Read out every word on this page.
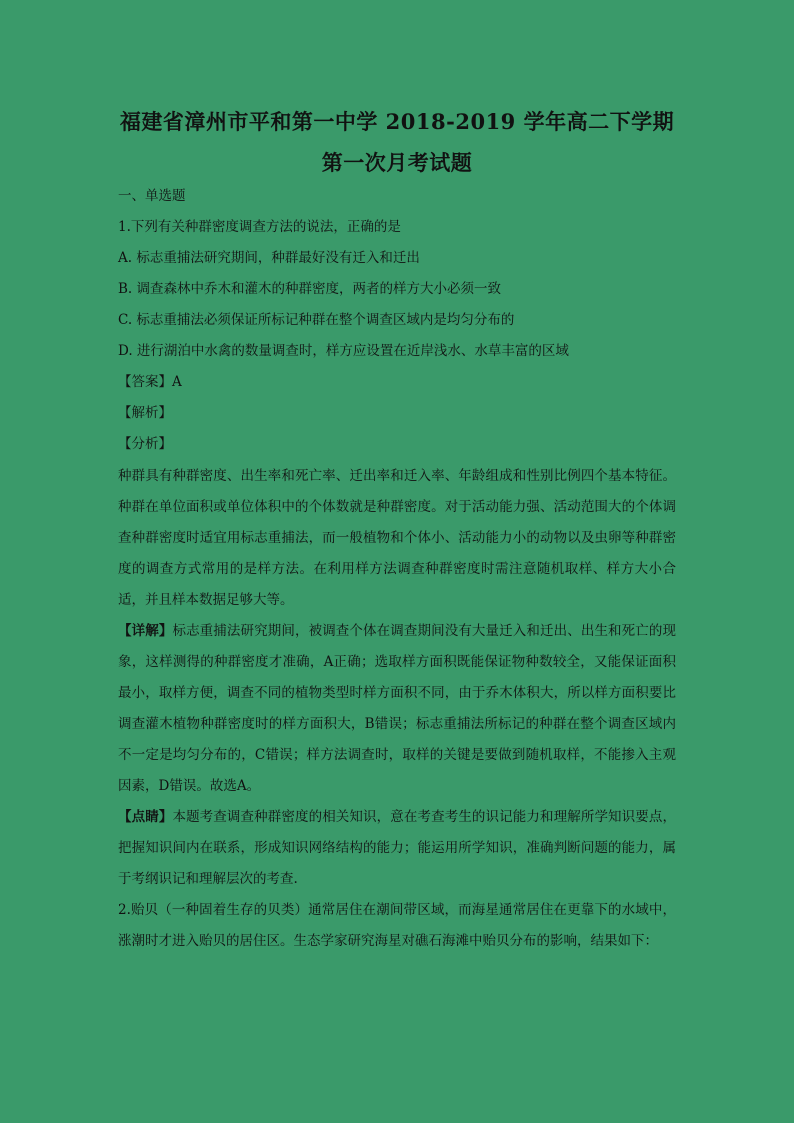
福建省漳州市平和第一中学 2018-2019 学年高二下学期
第一次月考试题
一、单选题
1.下列有关种群密度调查方法的说法，正确的是
A. 标志重捕法研究期间，种群最好没有迁入和迁出
B. 调查森林中乔木和灌木的种群密度，两者的样方大小必须一致
C. 标志重捕法必须保证所标记种群在整个调查区域内是均匀分布的
D. 进行湖泊中水禽的数量调查时，样方应设置在近岸浅水、水草丰富的区域
【答案】A
【解析】
【分析】
种群具有种群密度、出生率和死亡率、迁出率和迁入率、年龄组成和性别比例四个基本特征。种群在单位面积或单位体积中的个体数就是种群密度。对于活动能力强、活动范围大的个体调查种群密度时适宜用标志重捕法，而一般植物和个体小、活动能力小的动物以及虫卵等种群密度的调查方式常用的是样方法。在利用样方法调查种群密度时需注意随机取样、样方大小合适，并且样本数据足够大等。
【详解】标志重捕法研究期间，被调查个体在调查期间没有大量迁入和迁出、出生和死亡的现象，这样测得的种群密度才准确，A正确；选取样方面积既能保证物种数较全，又能保证面积最小，取样方便，调查不同的植物类型时样方面积不同，由于乔木体积大，所以样方面积要比调查灌木植物种群密度时的样方面积大，B错误；标志重捕法所标记的种群在整个调查区域内不一定是均匀分布的，C错误；样方法调查时，取样的关键是要做到随机取样，不能掺入主观因素，D错误。故选A。
【点睛】本题考查调查种群密度的相关知识，意在考查考生的识记能力和理解所学知识要点，把握知识间内在联系，形成知识网络结构的能力；能运用所学知识，准确判断问题的能力，属于考纲识记和理解层次的考查.
2.贻贝（一种固着生存的贝类）通常居住在潮间带区域，而海星通常居住在更靠下的水域中，涨潮时才进入贻贝的居住区。生态学家研究海星对礁石海滩中贻贝分布的影响，结果如下：
